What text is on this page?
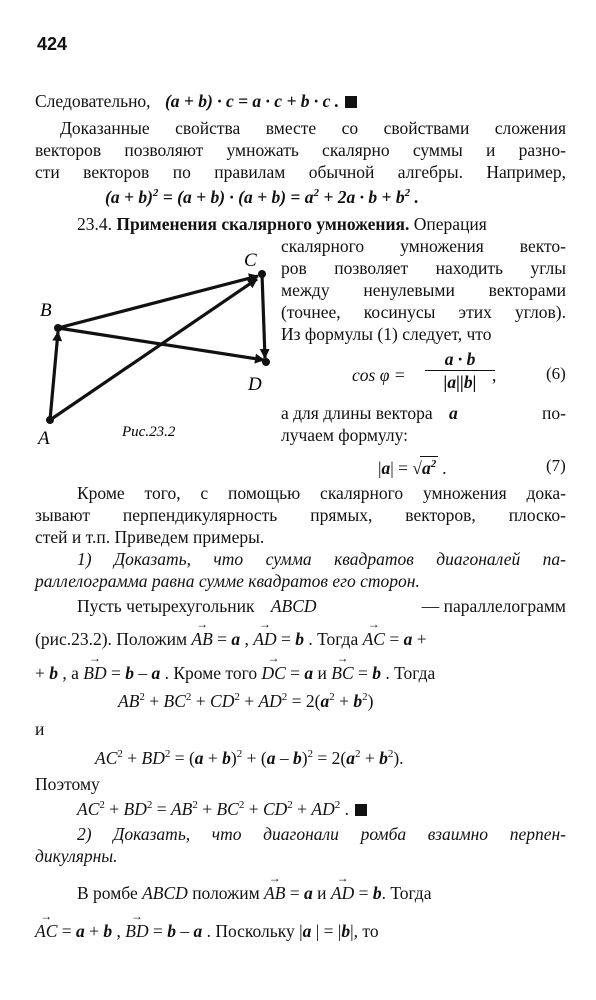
424
Следовательно, (a + b) · c = a · c + b · c .
Доказанные свойства вместе со свойствами сложения
векторов позволяют умножать скалярно суммы и разно-
сти векторов по правилам обычной алгебры. Например,
$(a + b)^2 = (a + b) \cdot (a + b) = a^2 + 2a \cdot b + b^2$ .
23.4. Применения скалярного умножения. Операция
скалярного умножения векто-
ров позволяет находить углы
между ненулевыми векторами
(точнее, косинусы этих углов).
Из формулы (1) следует, что
$\cos \varphi = \frac{a \cdot b}{|a||b|}$
,	(6)
а для длины вектора a	по-
лучаем формулу:
$|a| = √a^2$ .	(7)
A
B
C
D
Рис.23.2
Кроме того, с помощью скалярного умножения дока-
зывают перпендикулярность прямых, векторов, плоско-
стей и т.п. Приведем примеры.
1) Доказать, что сумма квадратов диагоналей па-
раллелограмма равна сумме квадратов его сторон.
Пусть четырехугольник ABCD	— параллелограмм
(рис.23.2). Положим → AB = a , → AD = b . Тогда → AC = a +
+ b , а → BD = b – a . Кроме того → DC = a и → BC = b . Тогда
$AB^2 + BC^2 + CD^2 + AD^2 = 2(a^2 + b^2)$
и
$AC^2 + BD^2 = (a + b)^2 + (a - b)^2 = 2(a^2 + b^2)$.
Поэтому
$AC^2 + BD^2 = AB^2 + BC^2 + CD^2 + AD^2$ .
2) Доказать, что диагонали ромба взаимно перпен-
дикулярны.
В ромбе ABCD положим → AB = a и → AD = b. Тогда
→ AC = a + b , → BD = b – a . Поскольку |a | = |b|, то
